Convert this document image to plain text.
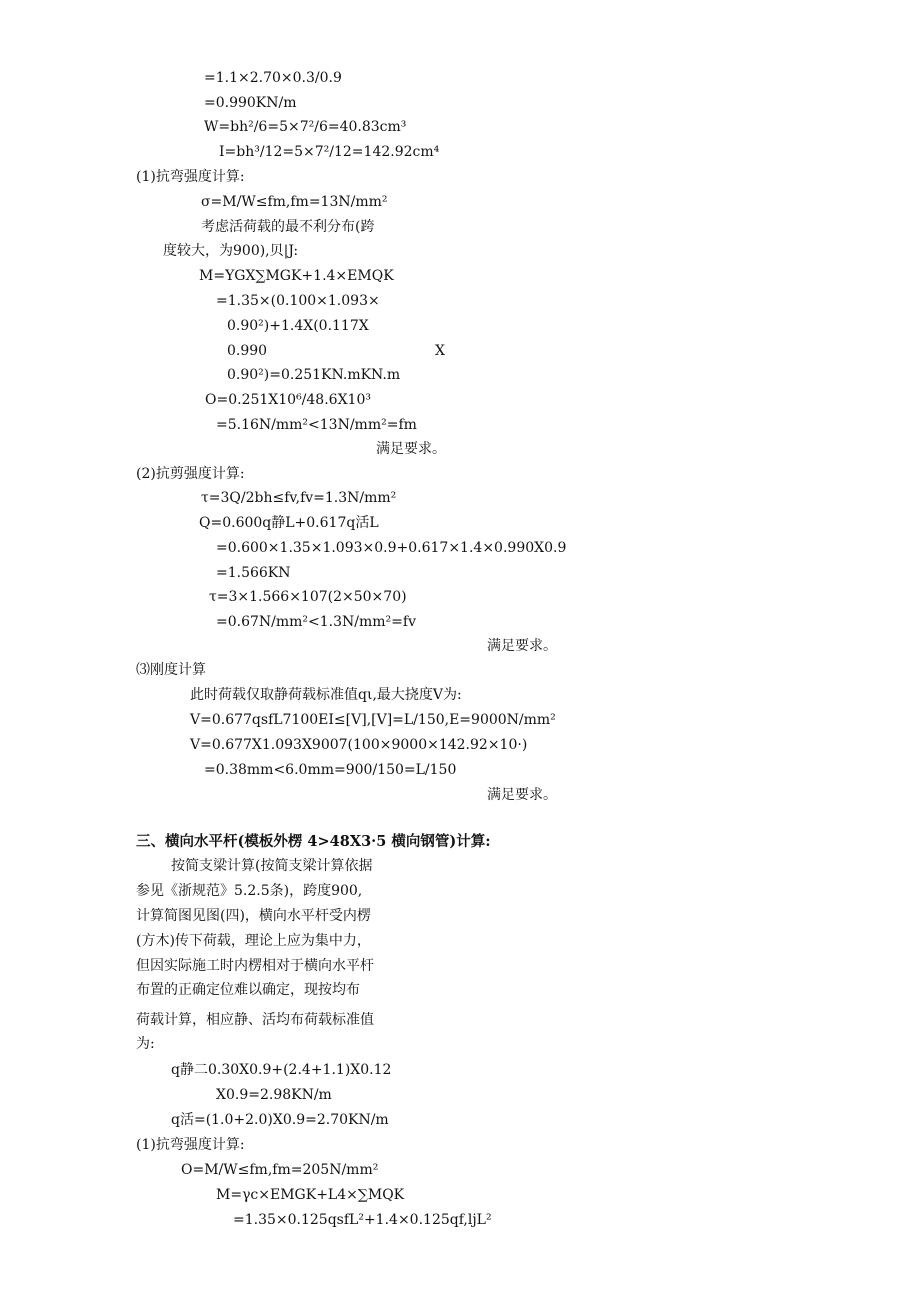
=1.1×2.70×0.3/0.9
=0.990KN/m
W=bh²/6=5×7²/6=40.83cm³
I=bh³/12=5×7²/12=142.92cm⁴
(1)抗弯强度计算:
σ=M/W≤fm,fm=13N/mm²
考虑活荷载的最不利分布(跨
度较大，为900),贝|J:
M=YGX∑MGK+1.4×EMQK
=1.35×(0.100×1.093×
0.90²)+1.4X(0.117X
0.990	X
0.90²)=0.251KN.mKN.m
O=0.251X10⁶/48.6X10³
=5.16N/mm²<13N/mm²=fm
满足要求。
(2)抗剪强度计算:
τ=3Q/2bh≤fv,fv=1.3N/mm²
Q=0.600q静L+0.617q活L
=0.600×1.35×1.093×0.9+0.617×1.4×0.990X0.9
=1.566KN
τ=3×1.566×107(2×50×70)
=0.67N/mm²<1.3N/mm²=fv
满足要求。
⑶刚度计算
此时荷载仅取静荷载标准值qι,最大挠度V为:
V=0.677qsfL7100EI≤[V],[V]=L/150,E=9000N/mm²
V=0.677X1.093X9007(100×9000×142.92×10·)
=0.38mm<6.0mm=900/150=L/150
满足要求。
三、横向水平杆(模板外楞 4>48X3·5 横向钢管)计算:
按简支梁计算(按简支梁计算依据
参见《浙规范》5.2.5条)，跨度900,
计算简图见图(四)，横向水平杆受内楞
(方木)传下荷载，理论上应为集中力，
但因实际施工时内楞相对于横向水平杆
布置的正确定位难以确定，现按均布
荷载计算，相应静、活均布荷载标准值
为:
q静二0.30X0.9+(2.4+1.1)X0.12
X0.9=2.98KN/m
q活=(1.0+2.0)X0.9=2.70KN/m
(1)抗弯强度计算:
O=M/W≤fm,fm=205N/mm²
M=γc×EMGK+L4×∑MQK
=1.35×0.125qsfL²+1.4×0.125qf,ljL²
